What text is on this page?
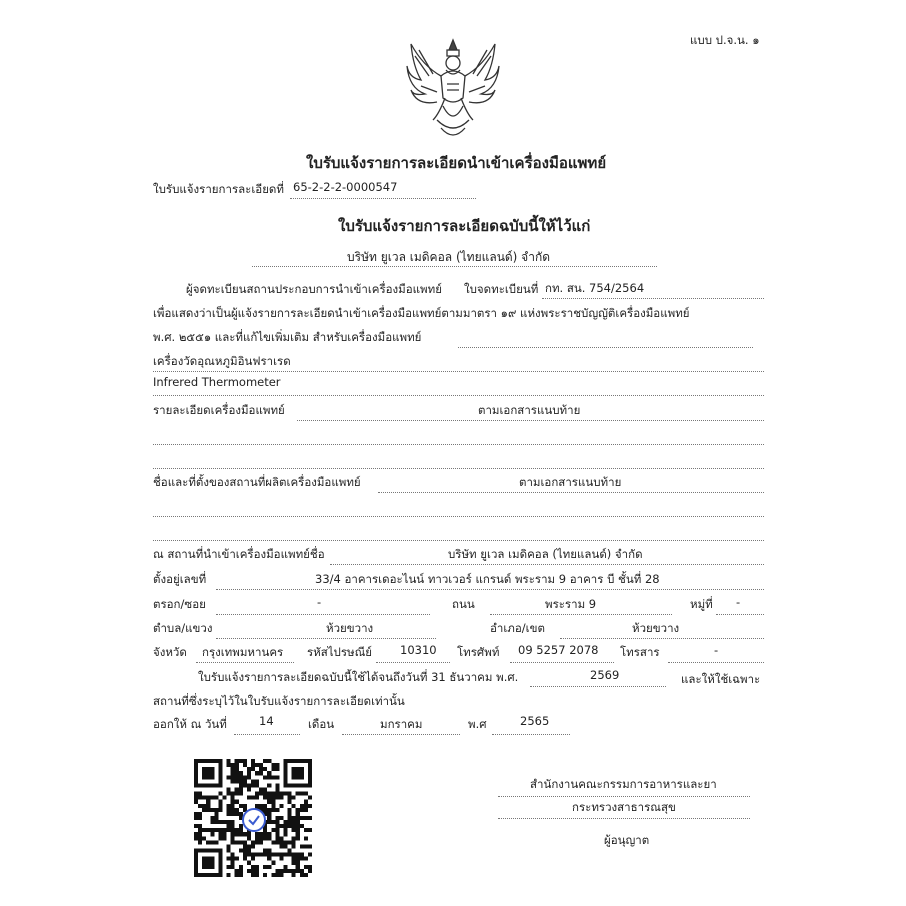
แบบ ป.จ.น. ๑
ใบรับแจ้งรายการละเอียดนำเข้าเครื่องมือแพทย์
ใบรับแจ้งรายการละเอียดที่ 65-2-2-2-0000547
ใบรับแจ้งรายการละเอียดฉบับนี้ให้ไว้แก่
บริษัท ยูเวล เมดิคอล (ไทยแลนด์) จำกัด
ผู้จดทะเบียนสถานประกอบการนำเข้าเครื่องมือแพทย์ ใบจดทะเบียนที่ กท. สน. 754/2564
เพื่อแสดงว่าเป็นผู้แจ้งรายการละเอียดนำเข้าเครื่องมือแพทย์ตามมาตรา ๑๙ แห่งพระราชบัญญัติเครื่องมือแพทย์
พ.ศ. ๒๕๕๑ และที่แก้ไขเพิ่มเติม สำหรับเครื่องมือแพทย์
เครื่องวัดอุณหภูมิอินฟราเรด
Infrered Thermometer
รายละเอียดเครื่องมือแพทย์	ตามเอกสารแนบท้าย
ชื่อและที่ตั้งของสถานที่ผลิตเครื่องมือแพทย์	ตามเอกสารแนบท้าย
ณ สถานที่นำเข้าเครื่องมือแพทย์ชื่อ	บริษัท ยูเวล เมดิคอล (ไทยแลนด์) จำกัด
ตั้งอยู่เลขที่	33/4 อาคารเดอะไนน์ ทาวเวอร์ แกรนด์ พระราม 9 อาคาร บี ชั้นที่ 28
ตรอก/ซอย	-	ถนน	พระราม 9	หมู่ที่ -
ตำบล/แขวง	ห้วยขวาง	อำเภอ/เขต	ห้วยขวาง
จังหวัด กรุงเทพมหานคร รหัสไปรษณีย์ 10310 โทรศัพท์ 09 5257 2078 โทรสาร	-
ใบรับแจ้งรายการละเอียดฉบับนี้ใช้ได้จนถึงวันที่ 31 ธันวาคม พ.ศ.	2569	และให้ใช้เฉพาะ
สถานที่ซึ่งระบุไว้ในใบรับแจ้งรายการละเอียดเท่านั้น
ออกให้ ณ วันที่	14	เดือน	มกราคม	พ.ศ	2565
สำนักงานคณะกรรมการอาหารและยา
กระทรวงสาธารณสุข
ผู้อนุญาต
